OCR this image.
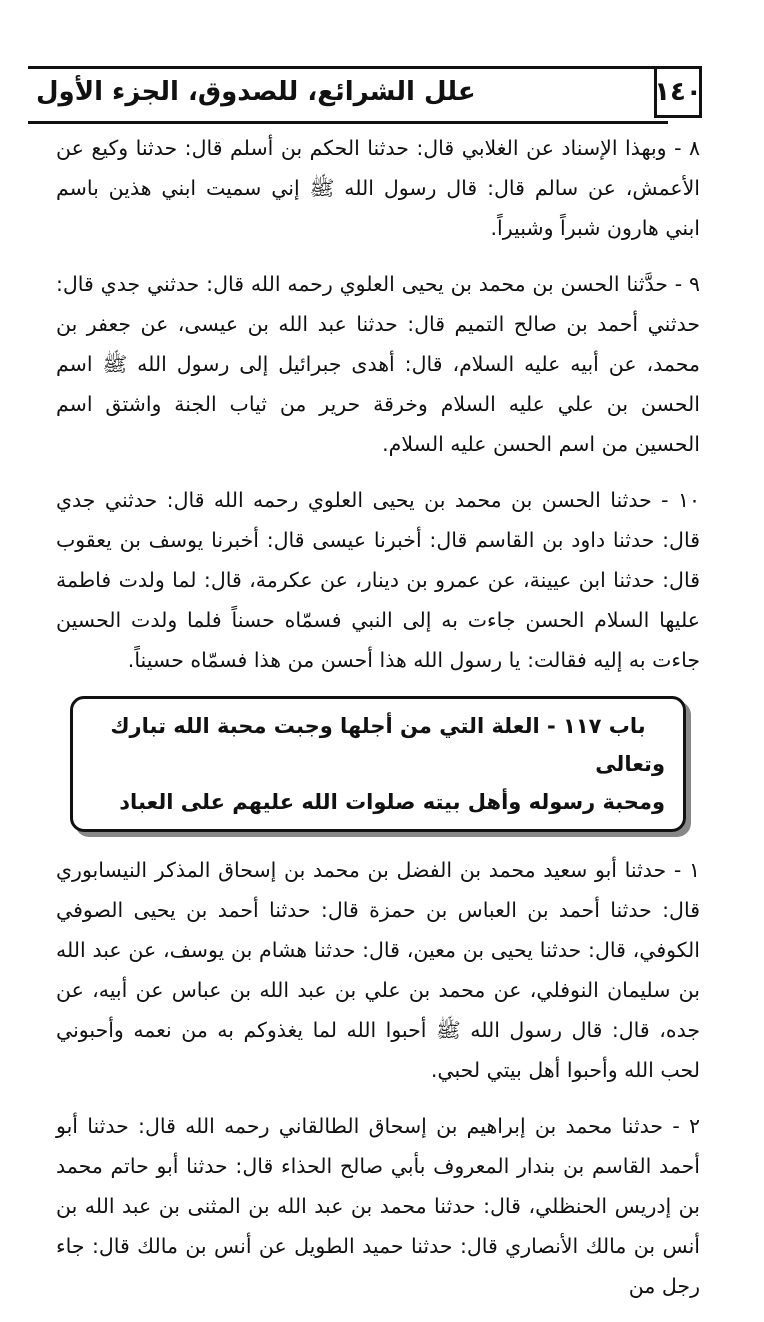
علل الشرائع، للصدوق، الجزء الأول	١٤٠

٨ - وبهذا الإسناد عن الغلابي قال: حدثنا الحكم بن أسلم قال: حدثنا وكيع عن الأعمش، عن سالم قال: قال رسول الله ﷺ إني سميت ابني هذين باسم ابني هارون شبراً وشبيراً.

٩ - حدَّثنا الحسن بن محمد بن يحيى العلوي رحمه الله قال: حدثني جدي قال: حدثني أحمد بن صالح التميم قال: حدثنا عبد الله بن عيسى، عن جعفر بن محمد، عن أبيه عليه السلام، قال: أهدى جبرائيل إلى رسول الله ﷺ اسم الحسن بن علي عليه السلام وخرقة حرير من ثياب الجنة واشتق اسم الحسين من اسم الحسن عليه السلام.

١٠ - حدثنا الحسن بن محمد بن يحيى العلوي رحمه الله قال: حدثني جدي قال: حدثنا داود بن القاسم قال: أخبرنا عيسى قال: أخبرنا يوسف بن يعقوب قال: حدثنا ابن عيينة، عن عمرو بن دينار، عن عكرمة، قال: لما ولدت فاطمة عليها السلام الحسن جاءت به إلى النبي فسمّاه حسناً فلما ولدت الحسين جاءت به إليه فقالت: يا رسول الله هذا أحسن من هذا فسمّاه حسيناً.

باب ١١٧ - العلة التي من أجلها وجبت محبة الله تبارك وتعالى
ومحبة رسوله وأهل بيته صلوات الله عليهم على العباد

١ - حدثنا أبو سعيد محمد بن الفضل بن محمد بن إسحاق المذكر النيسابوري قال: حدثنا أحمد بن العباس بن حمزة قال: حدثنا أحمد بن يحيى الصوفي الكوفي، قال: حدثنا يحيى بن معين، قال: حدثنا هشام بن يوسف، عن عبد الله بن سليمان النوفلي، عن محمد بن علي بن عبد الله بن عباس عن أبيه، عن جده، قال: قال رسول الله ﷺ أحبوا الله لما يغذوكم به من نعمه وأحبوني لحب الله وأحبوا أهل بيتي لحبي.

٢ - حدثنا محمد بن إبراهيم بن إسحاق الطالقاني رحمه الله قال: حدثنا أبو أحمد القاسم بن بندار المعروف بأبي صالح الحذاء قال: حدثنا أبو حاتم محمد بن إدريس الحنظلي، قال: حدثنا محمد بن عبد الله بن المثنى بن عبد الله بن أنس بن مالك الأنصاري قال: حدثنا حميد الطويل عن أنس بن مالك قال: جاء رجل من
